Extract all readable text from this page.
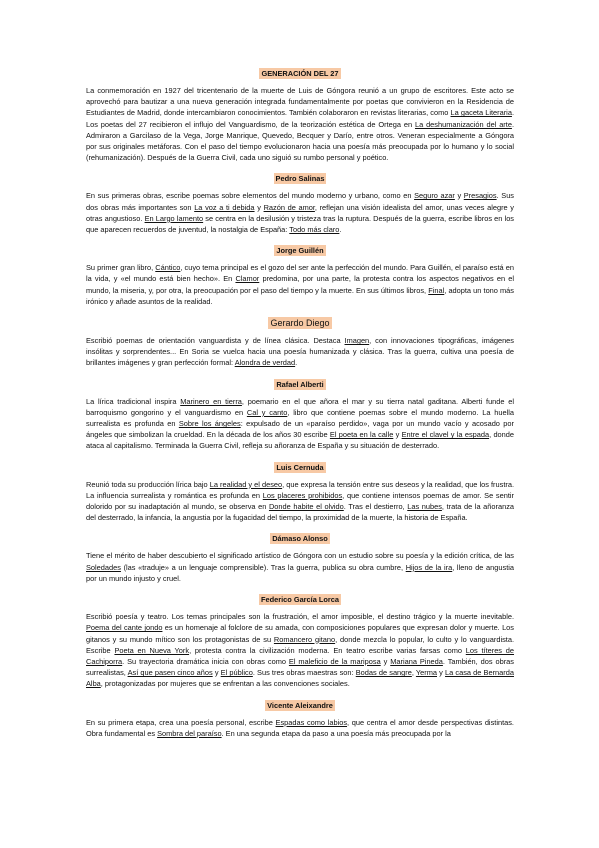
GENERACIÓN DEL 27
La conmemoración en 1927 del tricentenario de la muerte de Luis de Góngora reunió a un grupo de escritores. Este acto se aprovechó para bautizar a una nueva generación integrada fundamentalmente por poetas que convivieron en la Residencia de Estudiantes de Madrid, donde intercambiaron conocimientos. También colaboraron en revistas literarias, como La gaceta Literaria. Los poetas del 27 recibieron el influjo del Vanguardismo, de la teorización estética de Ortega en La deshumanización del arte. Admiraron a Garcilaso de la Vega, Jorge Manrique, Quevedo, Becquer y Darío, entre otros. Veneran especialmente a Góngora por sus originales metáforas. Con el paso del tiempo evolucionaron hacia una poesía más preocupada por lo humano y lo social (rehumanización). Después de la Guerra Civil, cada uno siguió su rumbo personal y poético.
Pedro Salinas
En sus primeras obras, escribe poemas sobre elementos del mundo moderno y urbano, como en Seguro azar y Presagios. Sus dos obras más importantes son La voz a ti debida y Razón de amor, reflejan una visión idealista del amor, unas veces alegre y otras angustioso. En Largo lamento se centra en la desilusión y tristeza tras la ruptura. Después de la guerra, escribe libros en los que aparecen recuerdos de juventud, la nostalgia de España: Todo más claro.
Jorge Guillén
Su primer gran libro, Cántico, cuyo tema principal es el gozo del ser ante la perfección del mundo. Para Guillén, el paraíso está en la vida, y «el mundo está bien hecho». En Clamor predomina, por una parte, la protesta contra los aspectos negativos en el mundo, la miseria, y, por otra, la preocupación por el paso del tiempo y la muerte. En sus últimos libros, Final, adopta un tono más irónico y añade asuntos de la realidad.
Gerardo Diego
Escribió poemas de orientación vanguardista y de línea clásica. Destaca Imagen, con innovaciones tipográficas, imágenes insólitas y sorprendentes... En Soria se vuelca hacia una poesía humanizada y clásica. Tras la guerra, cultiva una poesía de brillantes imágenes y gran perfección formal: Alondra de verdad.
Rafael Alberti
La lírica tradicional inspira Marinero en tierra, poemario en el que añora el mar y su tierra natal gaditana. Alberti funde el barroquismo gongorino y el vanguardismo en Cal y canto, libro que contiene poemas sobre el mundo moderno. La huella surrealista es profunda en Sobre los ángeles: expulsado de un «paraíso perdido», vaga por un mundo vacío y acosado por ángeles que simbolizan la crueldad. En la década de los años 30 escribe El poeta en la calle y Entre el clavel y la espada, donde ataca al capitalismo. Terminada la Guerra Civil, refleja su añoranza de España y su situación de desterrado.
Luis Cernuda
Reunió toda su producción lírica bajo La realidad y el deseo, que expresa la tensión entre sus deseos y la realidad, que los frustra. La influencia surrealista y romántica es profunda en Los placeres prohibidos, que contiene intensos poemas de amor. Se sentir dolorido por su inadaptación al mundo, se observa en Donde habite el olvido. Tras el destierro, Las nubes, trata de la añoranza del desterrado, la infancia, la angustia por la fugacidad del tiempo, la proximidad de la muerte, la historia de España.
Dámaso Alonso
Tiene el mérito de haber descubierto el significado artístico de Góngora con un estudio sobre su poesía y la edición crítica, de las Soledades (las «traduje» a un lenguaje comprensible). Tras la guerra, publica su obra cumbre, Hijos de la ira, lleno de angustia por un mundo injusto y cruel.
Federico García Lorca
Escribió poesía y teatro. Los temas principales son la frustración, el amor imposible, el destino trágico y la muerte inevitable. Poema del cante jondo es un homenaje al folclore de su amada, con composiciones populares que expresan dolor y muerte. Los gitanos y su mundo mítico son los protagonistas de su Romancero gitano, donde mezcla lo popular, lo culto y lo vanguardista. Escribe Poeta en Nueva York, protesta contra la civilización moderna. En teatro escribe varias farsas como Los títeres de Cachiporra. Su trayectoria dramática inicia con obras como El maleficio de la mariposa y Mariana Pineda. También, dos obras surrealistas, Así que pasen cinco años y El público. Sus tres obras maestras son: Bodas de sangre, Yerma y La casa de Bernarda Alba, protagonizadas por mujeres que se enfrentan a las convenciones sociales.
Vicente Aleixandre
En su primera etapa, crea una poesía personal, escribe Espadas como labios, que centra el amor desde perspectivas distintas. Obra fundamental es Sombra del paraíso. En una segunda etapa da paso a una poesía más preocupada por la
